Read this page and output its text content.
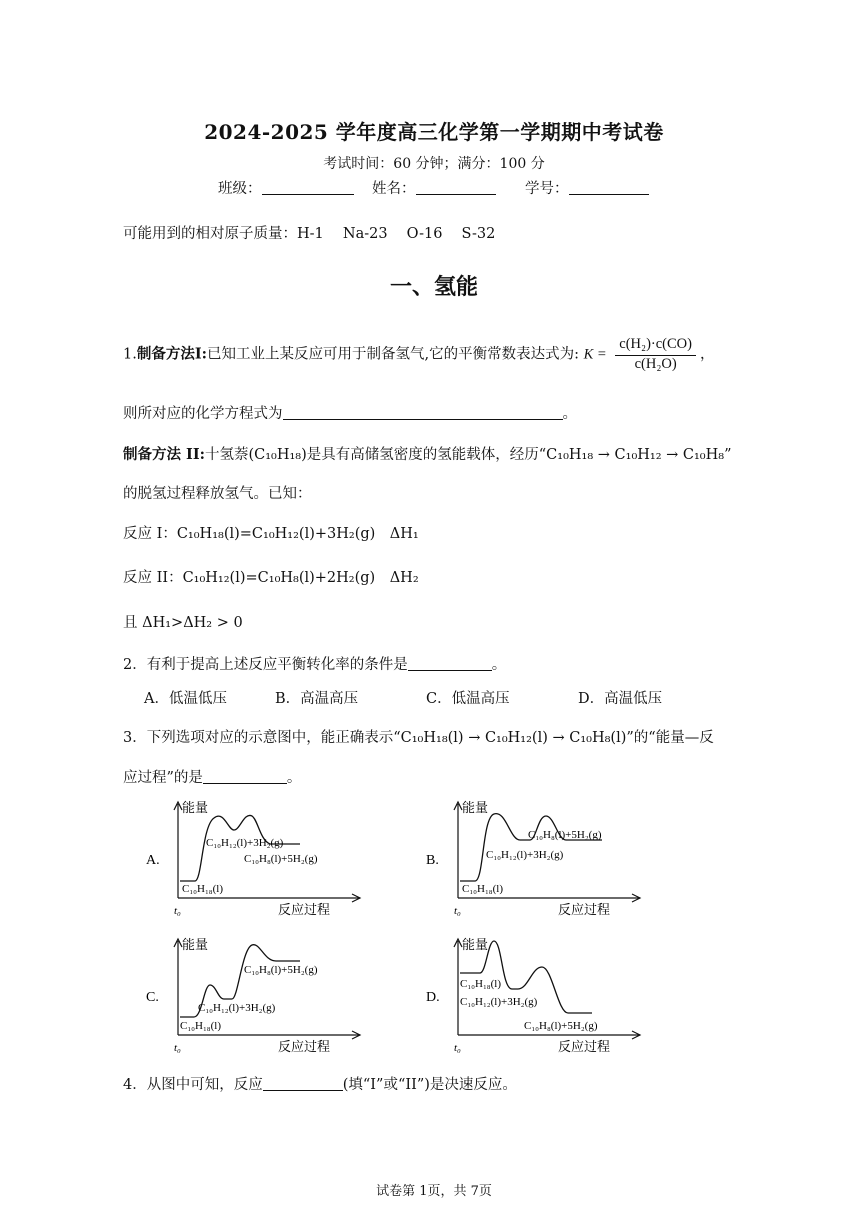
2024-2025 学年度高三化学第一学期期中考试卷
考试时间：60 分钟；满分：100 分
班级：	姓名：	学号：
可能用到的相对原子质量：H-1　 Na-23　 O-16　 S-32
一、氢能
1.制备方法Ⅰ:已知工业上某反应可用于制备氢气,它的平衡常数表达式为: $K = \frac{\text{c(H₂)·c(CO)}}{\text{c(H₂O)}}$ ，
则所对应的化学方程式为	。
制备方法 II:十氢萘(C₁₀H₁₈)是具有高储氢密度的氢能载体，经历“C₁₀H₁₈ → C₁₀H₁₂ → C₁₀H₈”
的脱氢过程释放氢气。已知：
反应 I：C₁₀H₁₈(l)=C₁₀H₁₂(l)+3H₂(g)　ΔH₁
反应 II：C₁₀H₁₂(l)=C₁₀H₈(l)+2H₂(g)　ΔH₂
且 ΔH₁>ΔH₂ > 0
2．有利于提高上述反应平衡转化率的条件是	。
A．低温低压	B．高温高压	C．低温高压	D．高温低压
3．下列选项对应的示意图中，能正确表示“C₁₀H₁₈(l) → C₁₀H₁₂(l) → C₁₀H₈(l)”的“能量—反
应过程”的是	。
A.
能量
t₀	反应过程
C₁₀H₁₂(l)+3H₂(g)
C₁₀H₈(l)+5H₂(g)
C₁₀H₁₈(l)
B.
能量
t₀	反应过程
C₁₀H₈(l)+5H₂(g)
C₁₀H₁₂(l)+3H₂(g)
C₁₀H₁₈(l)
C.
能量
t₀	反应过程
C₁₀H₈(l)+5H₂(g)
C₁₀H₁₂(l)+3H₂(g)
C₁₀H₁₈(l)
D.
能量
t₀	反应过程
C₁₀H₁₈(l)
C₁₀H₁₂(l)+3H₂(g)
C₁₀H₈(l)+5H₂(g)
4．从图中可知，反应	(填“I”或“II”)是决速反应。
试卷第 1页，共 7页
